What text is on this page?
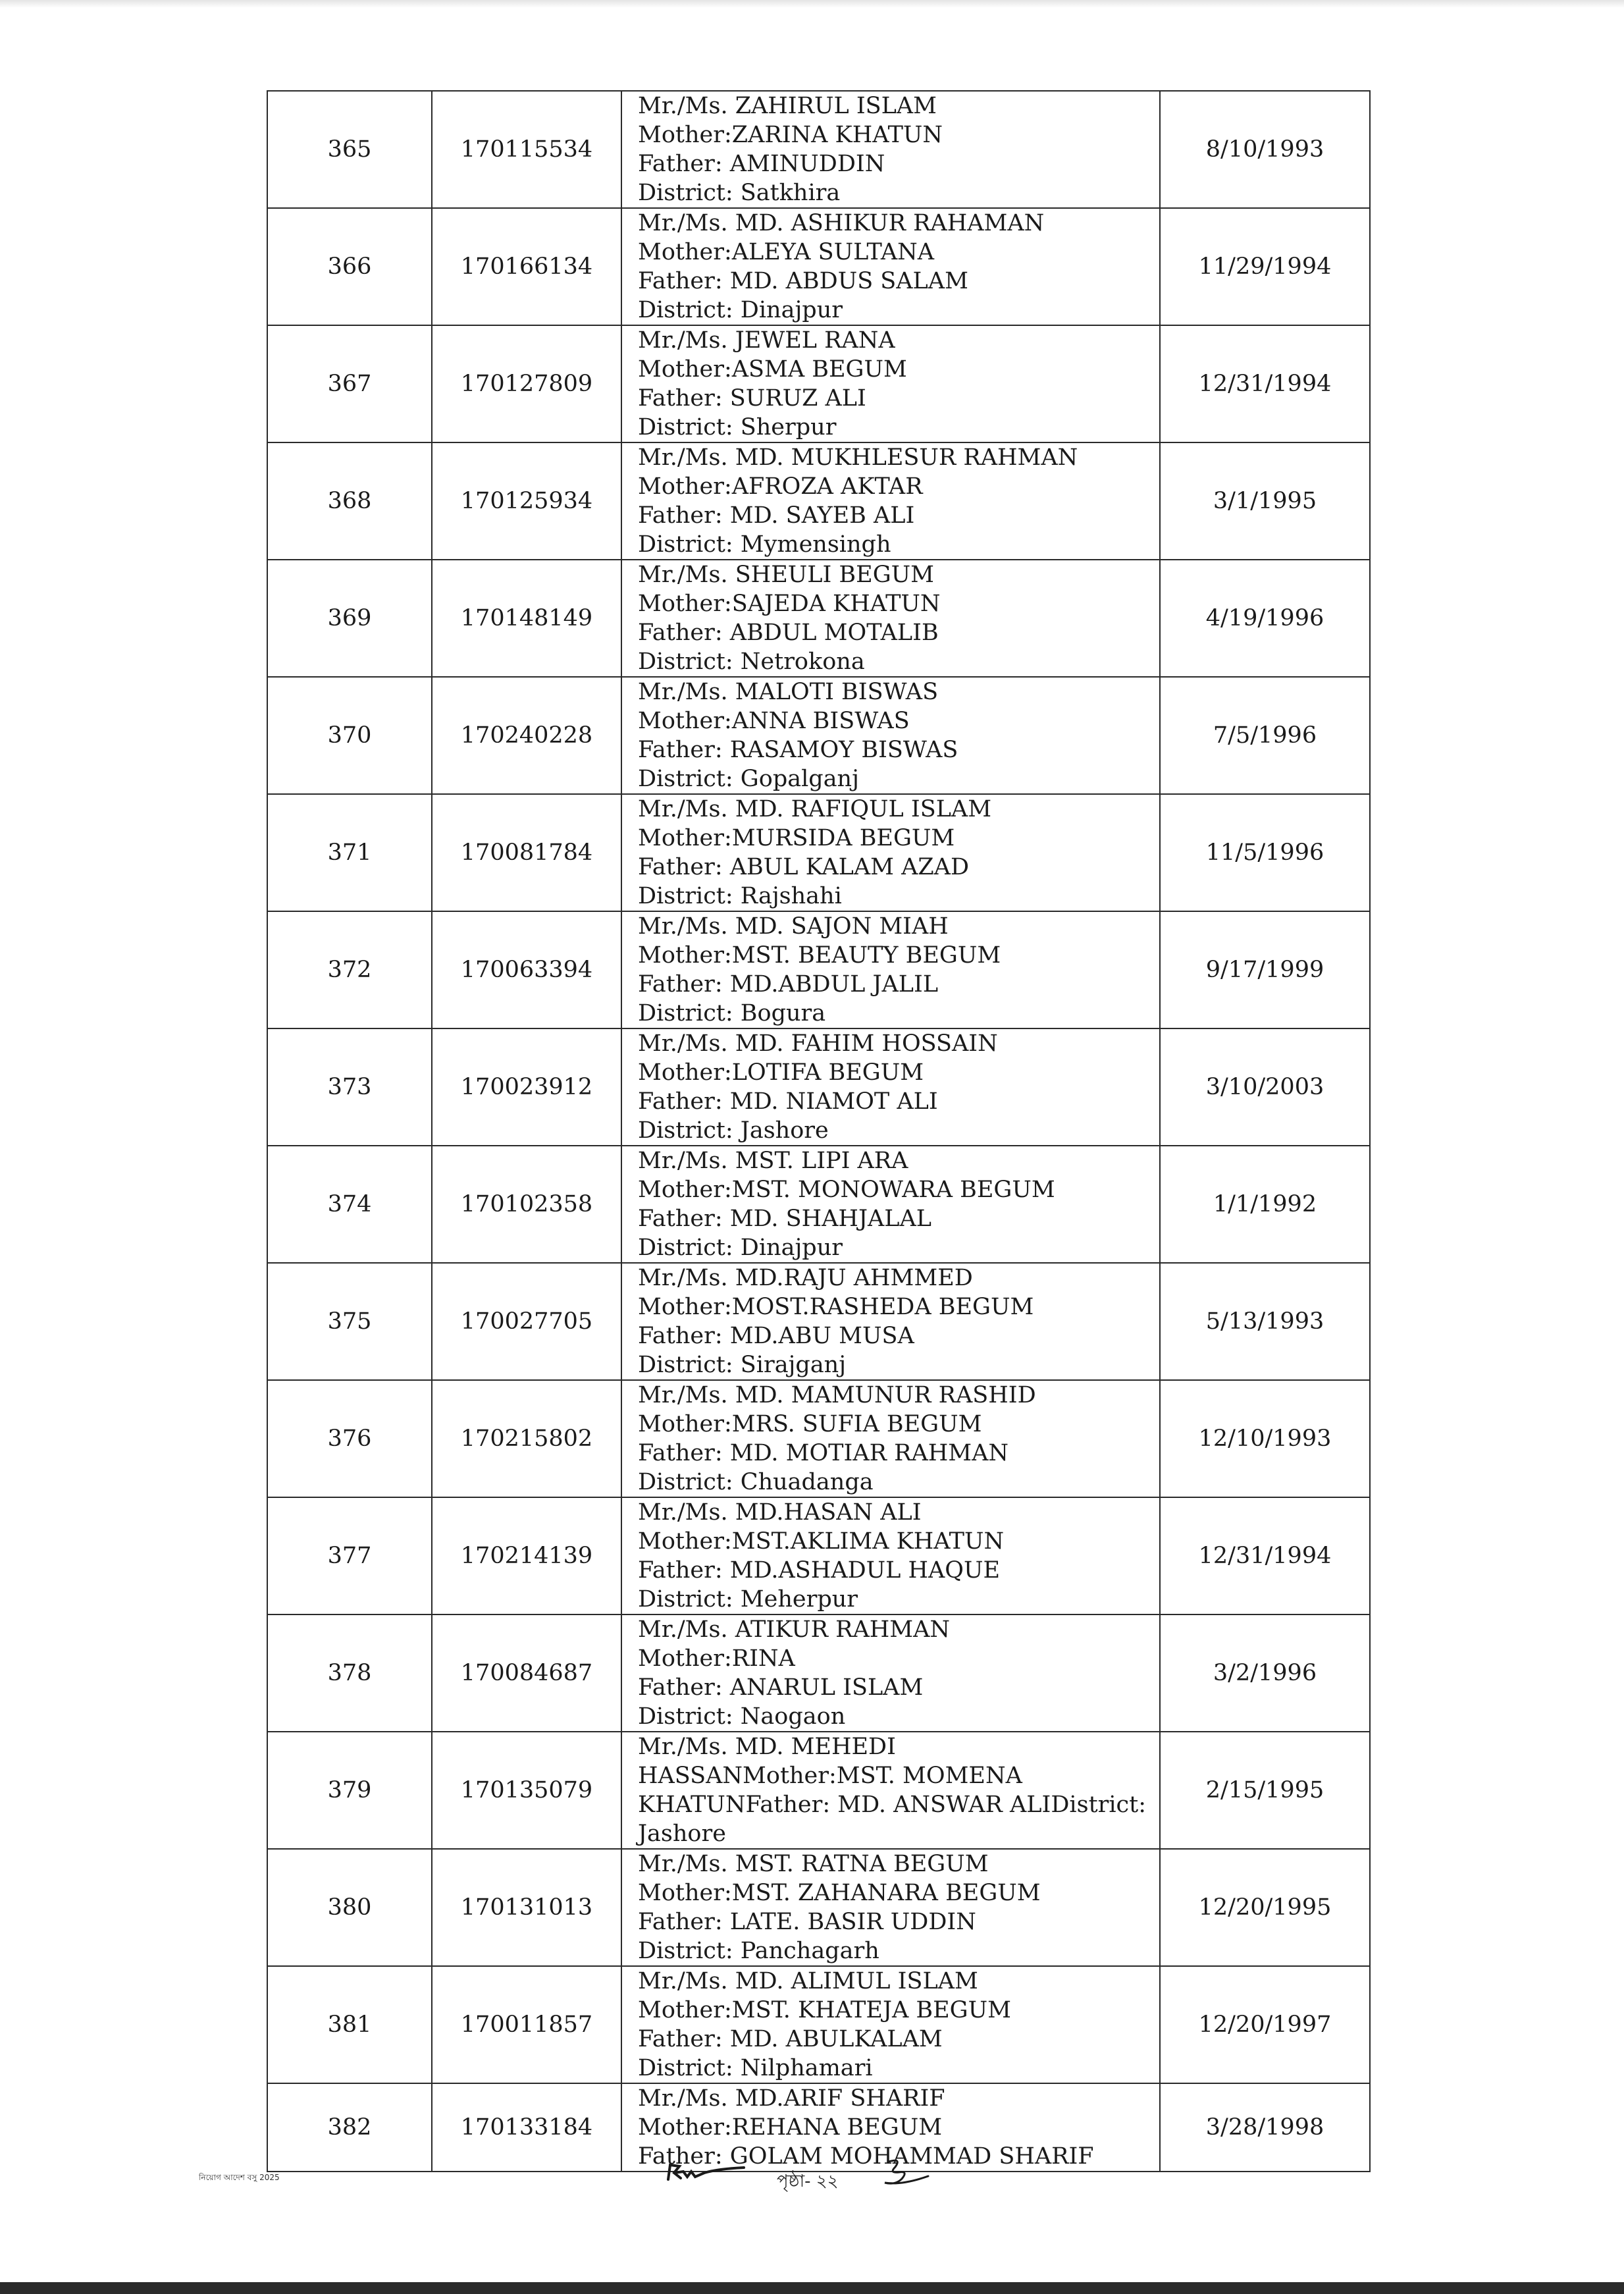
365	170115534	Mr./Ms. ZAHIRUL ISLAM
Mother:ZARINA KHATUN
Father: AMINUDDIN
District: Satkhira	8/10/1993
366	170166134	Mr./Ms. MD. ASHIKUR RAHAMAN
Mother:ALEYA SULTANA
Father: MD. ABDUS SALAM
District: Dinajpur	11/29/1994
367	170127809	Mr./Ms. JEWEL RANA
Mother:ASMA BEGUM
Father: SURUZ ALI
District: Sherpur	12/31/1994
368	170125934	Mr./Ms. MD. MUKHLESUR RAHMAN
Mother:AFROZA AKTAR
Father: MD. SAYEB ALI
District: Mymensingh	3/1/1995
369	170148149	Mr./Ms. SHEULI BEGUM
Mother:SAJEDA KHATUN
Father: ABDUL MOTALIB
District: Netrokona	4/19/1996
370	170240228	Mr./Ms. MALOTI BISWAS
Mother:ANNA BISWAS
Father: RASAMOY BISWAS
District: Gopalganj	7/5/1996
371	170081784	Mr./Ms. MD. RAFIQUL ISLAM
Mother:MURSIDA BEGUM
Father: ABUL KALAM AZAD
District: Rajshahi	11/5/1996
372	170063394	Mr./Ms. MD. SAJON MIAH
Mother:MST. BEAUTY BEGUM
Father: MD.ABDUL JALIL
District: Bogura	9/17/1999
373	170023912	Mr./Ms. MD. FAHIM HOSSAIN
Mother:LOTIFA BEGUM
Father: MD. NIAMOT ALI
District: Jashore	3/10/2003
374	170102358	Mr./Ms. MST. LIPI ARA
Mother:MST. MONOWARA BEGUM
Father: MD. SHAHJALAL
District: Dinajpur	1/1/1992
375	170027705	Mr./Ms. MD.RAJU AHMMED
Mother:MOST.RASHEDA BEGUM
Father: MD.ABU MUSA
District: Sirajganj	5/13/1993
376	170215802	Mr./Ms. MD. MAMUNUR RASHID
Mother:MRS. SUFIA BEGUM
Father: MD. MOTIAR RAHMAN
District: Chuadanga	12/10/1993
377	170214139	Mr./Ms. MD.HASAN ALI
Mother:MST.AKLIMA KHATUN
Father: MD.ASHADUL HAQUE
District: Meherpur	12/31/1994
378	170084687	Mr./Ms. ATIKUR RAHMAN
Mother:RINA
Father: ANARUL ISLAM
District: Naogaon	3/2/1996
379	170135079	Mr./Ms. MD. MEHEDI HASSANMother:MST. MOMENA KHATUNFather: MD. ANSWAR ALIDistrict: Jashore	2/15/1995
380	170131013	Mr./Ms. MST. RATNA BEGUM
Mother:MST. ZAHANARA BEGUM
Father: LATE. BASIR UDDIN
District: Panchagarh	12/20/1995
381	170011857	Mr./Ms. MD. ALIMUL ISLAM
Mother:MST. KHATEJA BEGUM
Father: MD. ABULKALAM
District: Nilphamari	12/20/1997
382	170133184	Mr./Ms. MD.ARIF SHARIF
Mother:REHANA BEGUM
Father: GOLAM MOHAMMAD SHARIF	3/28/1998
নিয়োগ আদেশ বসু 2025	পৃষ্ঠা- ২২
